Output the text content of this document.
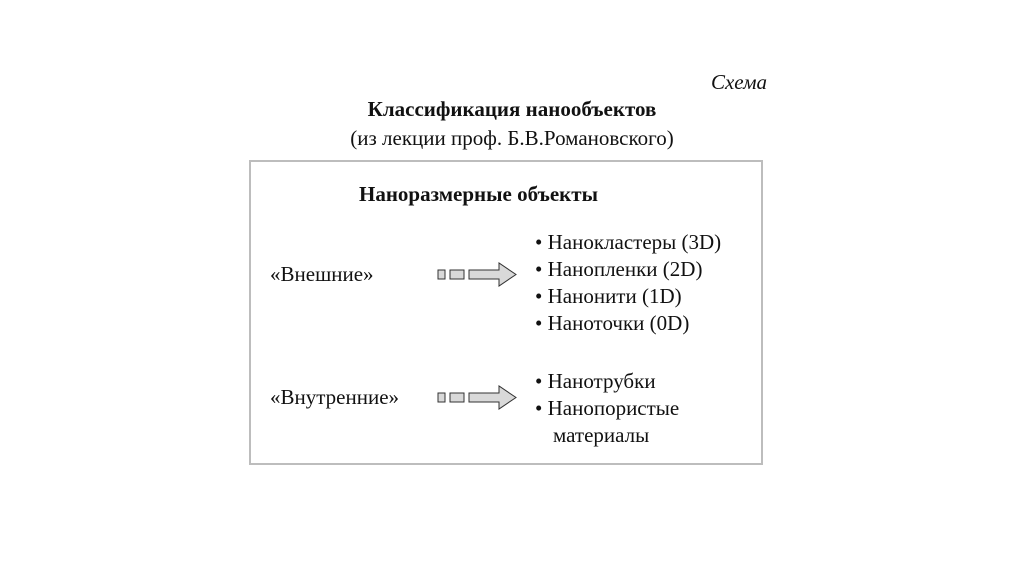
Схема
Классификация нанообъектов
(из лекции проф. Б.В.Романовского)
Наноразмерные объекты
«Внешние»
• Нанокластеры (3D)
• Нанопленки (2D)
• Нанонити (1D)
• Наноточки (0D)
«Внутренние»
• Нанотрубки
• Нанопористые
материалы
